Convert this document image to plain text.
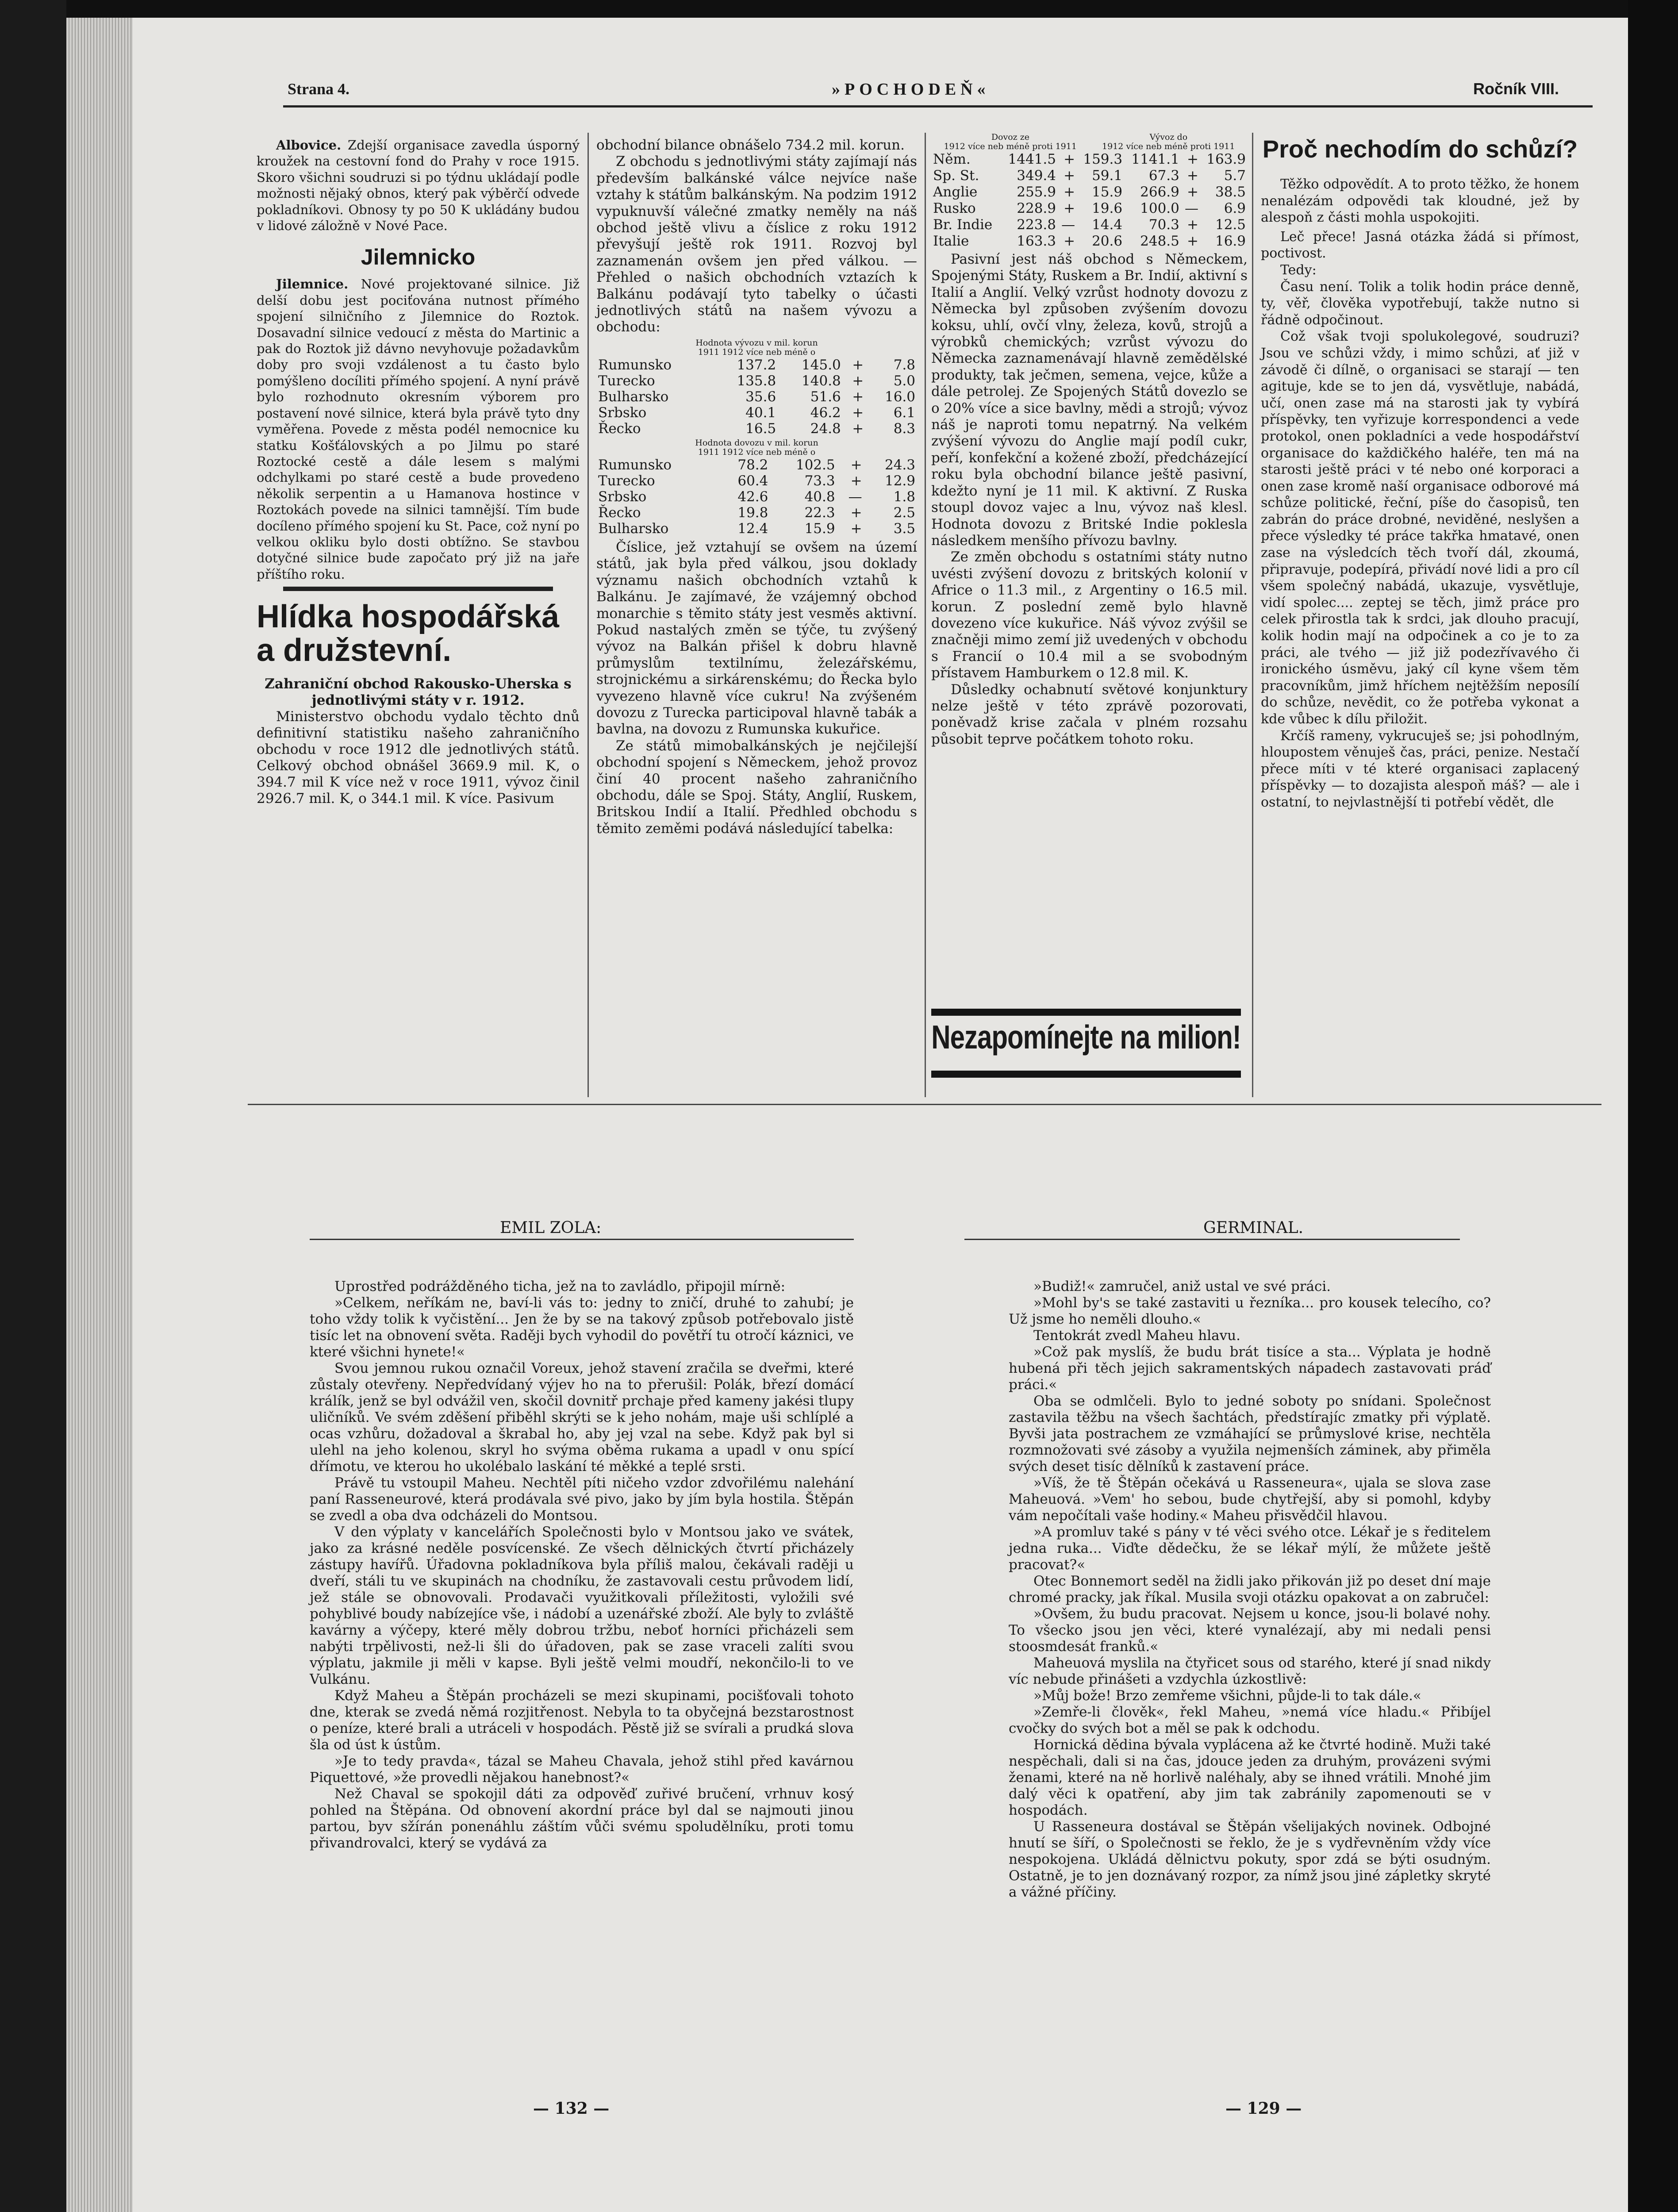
Strana 4.	»POCHODEŇ«	Ročník VIII.

Albovice. Zdejší organisace zavedla úsporný kroužek na cestovní fond do Prahy v roce 1915. Skoro všichni soudruzi si po týdnu ukládají podle možnosti nějaký obnos, který pak výběrčí odvede pokladníkovi. Obnosy ty po 50 K ukládány budou v lidové záložně v Nové Pace.

Jilemnicko

Jilemnice. Nové projektované silnice. Již delší dobu jest pociťována nutnost přímého spojení silničního z Jilemnice do Roztok. Dosavadní silnice vedoucí z města do Martinic a pak do Roztok již dávno nevyhovuje požadavkům doby pro svoji vzdálenost a tu často bylo pomýšleno docíliti přímého spojení. A nyní právě bylo rozhodnuto okresním výborem pro postavení nové silnice, která byla právě tyto dny vyměřena. Povede z města podél nemocnice ku statku Košťálovských a po Jilmu po staré Roztocké cestě a dále lesem s malými odchylkami po staré cestě a bude provedeno několik serpentin a u Hamanova hostince v Roztokách povede na silnici tamnější. Tím bude docíleno přímého spojení ku St. Pace, což nyní po velkou okliku bylo dosti obtížno. Se stavbou dotyčné silnice bude započato prý již na jaře příštího roku.

Hlídka hospodářská a družstevní.
Zahraniční obchod Rakousko-Uherska s jednotlivými státy v r. 1912.

Ministerstvo obchodu vydalo těchto dnů definitivní statistiku našeho zahraničního obchodu v roce 1912 dle jednotlivých států. Celkový obchod obnášel 3669.9 mil. K, o 394.7 mil K více než v roce 1911, vývoz činil 2926.7 mil. K, o 344.1 mil. K více. Pasivum

obchodní bilance obnášelo 734.2 mil. korun.

Z obchodu s jednotlivými státy zajímají nás především balkánské válce nejvíce naše vztahy k státům balkánským. Na podzim 1912 vypuknuvší válečné zmatky neměly na náš obchod ještě vlivu a číslice z roku 1912 převyšují ještě rok 1911. Rozvoj byl zaznamenán ovšem jen před válkou. — Přehled o našich obchodních vztazích k Balkánu podávají tyto tabelky o účasti jednotlivých států na našem vývozu a obchodu:

Hodnota vývozu v mil. korun
1911 1912 více neb méně o
Rumunsko	137.2	145.0	+	7.8
Turecko	135.8	140.8	+	5.0
Bulharsko	35.6	51.6	+	16.0
Srbsko	40.1	46.2	+	6.1
Řecko	16.5	24.8	+	8.3
Hodnota dovozu v mil. korun
1911 1912 více neb méně o
Rumunsko	78.2	102.5	+	24.3
Turecko	60.4	73.3	+	12.9
Srbsko	42.6	40.8	—	1.8
Řecko	19.8	22.3	+	2.5
Bulharsko	12.4	15.9	+	3.5

Číslice, jež vztahují se ovšem na území států, jak byla před válkou, jsou doklady významu našich obchodních vztahů k Balkánu. Je zajímavé, že vzájemný obchod monarchie s těmito státy jest vesměs aktivní. Pokud nastalých změn se týče, tu zvýšený vývoz na Balkán přišel k dobru hlavně průmyslům textilnímu, železářskému, strojnickému a sirkárenskému; do Řecka bylo vyvezeno hlavně více cukru! Na zvýšeném dovozu z Turecka participoval hlavně tabák a bavlna, na dovozu z Rumunska kukuřice.

Ze států mimobalkánských je nejčilejší obchodní spojení s Německem, jehož provoz činí 40 procent našeho zahraničního obchodu, dále se Spoj. Státy, Anglií, Ruskem, Britskou Indií a Italií. Předhled obchodu s těmito zeměmi podává následující tabelka:

Dovoz ze	Vývoz do
1912 více neb méně proti 1911	1912 více neb méně proti 1911
Něm.	1441.5	+	159.3	1141.1	+	163.9
Sp. St.	349.4	+	59.1	67.3	+	5.7
Anglie	255.9	+	15.9	266.9	+	38.5
Rusko	228.9	+	19.6	100.0	—	6.9
Br. Indie	223.8	—	14.4	70.3	+	12.5
Italie	163.3	+	20.6	248.5	+	16.9

Pasivní jest náš obchod s Německem, Spojenými Státy, Ruskem a Br. Indií, aktivní s Italií a Anglií. Velký vzrůst hodnoty dovozu z Německa byl způsoben zvýšením dovozu koksu, uhlí, ovčí vlny, železa, kovů, strojů a výrobků chemických; vzrůst vývozu do Německa zaznamenávají hlavně zemědělské produkty, tak ječmen, semena, vejce, kůže a dále petrolej. Ze Spojených Států dovezlo se o 20% více a sice bavlny, mědi a strojů; vývoz náš je naproti tomu nepatrný. Na velkém zvýšení vývozu do Anglie mají podíl cukr, peří, konfekční a kožené zboží, předcházející roku byla obchodní bilance ještě pasivní, kdežto nyní je 11 mil. K aktivní. Z Ruska stoupl dovoz vajec a lnu, vývoz naš klesl. Hodnota dovozu z Britské Indie poklesla následkem menšího přívozu bavlny.

Ze změn obchodu s ostatními státy nutno uvésti zvýšení dovozu z britských kolonií v Africe o 11.3 mil., z Argentiny o 16.5 mil. korun. Z poslední země bylo hlavně dovezeno více kukuřice. Náš vývoz zvýšil se značněji mimo zemí již uvedených v obchodu s Francií o 10.4 mil a se svobodným přístavem Hamburkem o 12.8 mil. K.

Důsledky ochabnutí světové konjunktury nelze ještě v této zprávě pozorovati, poněvadž krise začala v plném rozsahu působit teprve počátkem tohoto roku.

Nezapomínejte na milion!
Proč nechodím do schůzí?

Těžko odpovědít. A to proto těžko, že honem nenalézám odpovědi tak kloudné, jež by alespoň z části mohla uspokojiti.

Leč přece! Jasná otázka žádá si přímost, poctivost.

Tedy:

Času není. Tolik a tolik hodin práce denně, ty, věř, člověka vypotřebují, takže nutno si řádně odpočinout.

Což však tvoji spolukolegové, soudruzi? Jsou ve schůzi vždy, i mimo schůzi, ať již v závodě či dílně, o organisaci se starají — ten agituje, kde se to jen dá, vysvětluje, nabádá, učí, onen zase má na starosti jak ty vybírá příspěvky, ten vyřizuje korrespondenci a vede protokol, onen pokladníci a vede hospodářství organisace do každičkého haléře, ten má na starosti ještě práci v té nebo oné korporaci a onen zase kromě naší organisace odborové má schůze politické, řeční, píše do časopisů, ten zabrán do práce drobné, neviděné, neslyšen a přece výsledky té práce takřka hmatavé, onen zase na výsledcích těch tvoří dál, zkoumá, připravuje, podepírá, přivádí nové lidi a pro cíl všem společný nabádá, ukazuje, vysvětluje, vidí spolec.... zeptej se těch, jimž práce pro celek přirostla tak k srdci, jak dlouho pracují, kolik hodin mají na odpočinek a co je to za práci, ale tvého — již již podezřívavého či ironického úsměvu, jaký cíl kyne všem těm pracovníkům, jimž hříchem nejtěžším neposílí do schůze, nevědit, co že potřeba vykonat a kde vůbec k dílu přiložit.

Krčíš rameny, vykrucuješ se; jsi pohodlným, hloupostem věnuješ čas, práci, penize. Nestačí přece míti v té které organisaci zaplacený příspěvky — to dozajista alespoň máš? — ale i ostatní, to nejvlastnější ti potřebí vědět, dle

EMIL ZOLA:	GERMINAL.

Uprostřed podrážděného ticha, jež na to zavládlo, připojil mírně:

»Celkem, neříkám ne, baví-li vás to: jedny to zničí, druhé to zahubí; je toho vždy tolik k vyčistění... Jen že by se na takový způsob potřebovalo jistě tisíc let na obnovení světa. Raději bych vyhodil do povětří tu otročí káznici, ve které všichni hynete!«

Svou jemnou rukou označil Voreux, jehož stavení zračila se dveřmi, které zůstaly otevřeny. Nepředvídaný výjev ho na to přerušil: Polák, březí domácí králík, jenž se byl odvážil ven, skočil dovnitř prchaje před kameny jakési tlupy uličníků. Ve svém zděšení přiběhl skrýti se k jeho nohám, maje uši schlíplé a ocas vzhůru, dožadoval a škrabal ho, aby jej vzal na sebe. Když pak byl si ulehl na jeho kolenou, skryl ho svýma oběma rukama a upadl v onu spící dřímotu, ve kterou ho ukolébalo laskání té měkké a teplé srsti.

Právě tu vstoupil Maheu. Nechtěl píti ničeho vzdor zdvořilému nalehání paní Rasseneurové, která prodávala své pivo, jako by jím byla hostila. Štěpán se zvedl a oba dva odcházeli do Montsou.

V den výplaty v kancelářích Společnosti bylo v Montsou jako ve svátek, jako za krásné neděle posvícenské. Ze všech dělnických čtvrtí přicházely zástupy havířů. Úřadovna pokladníkova byla příliš malou, čekávali raději u dveří, stáli tu ve skupinách na chodníku, že zastavovali cestu průvodem lidí, jež stále se obnovovali. Prodavači využitkovali příležitosti, vyložili své pohyblivé boudy nabízejíce vše, i nádobí a uzenářské zboží. Ale byly to zvláště kavárny a výčepy, které měly dobrou tržbu, neboť horníci přicházeli sem nabýti trpělivosti, než-li šli do úřadoven, pak se zase vraceli zalíti svou výplatu, jakmile ji měli v kapse. Byli ještě velmi moudří, nekončilo-li to ve Vulkánu.

Když Maheu a Štěpán procházeli se mezi skupinami, pocišťovali tohoto dne, kterak se zvedá němá rozjitřenost. Nebyla to ta obyčejná bezstarostnost o peníze, které brali a utráceli v hospodách. Pěstě již se svírali a prudká slova šla od úst k ústům.

»Je to tedy pravda«, tázal se Maheu Chavala, jehož stihl před kavárnou Piquettové, »že provedli nějakou hanebnost?«

Než Chaval se spokojil dáti za odpověď zuřivé bručení, vrhnuv kosý pohled na Štěpána. Od obnovení akordní práce byl dal se najmouti jinou partou, byv sžírán ponenáhlu záštím vůči svému spoludělníku, proti tomu přivandrovalci, který se vydává za

»Budiž!« zamručel, aniž ustal ve své práci.

»Mohl by's se také zastaviti u řezníka... pro kousek telecího, co? Už jsme ho neměli dlouho.«

Tentokrát zvedl Maheu hlavu.

»Což pak myslíš, že budu brát tisíce a sta... Výplata je hodně hubená při těch jejich sakramentských nápadech zastavovati práď práci.«

Oba se odmlčeli. Bylo to jedné soboty po snídani. Společnost zastavila těžbu na všech šachtách, předstírajíc zmatky při výplatě. Byvši jata postrachem ze vzmáhající se průmyslové krise, nechtěla rozmnožovati své zásoby a využila nejmenších záminek, aby přiměla svých deset tisíc dělníků k zastavení práce.

»Víš, že tě Štěpán očekává u Rasseneura«, ujala se slova zase Maheuová. »Vem' ho sebou, bude chytřejší, aby si pomohl, kdyby vám nepočítali vaše hodiny.« Maheu přisvědčil hlavou.

»A promluv také s pány v té věci svého otce. Lékař je s ředitelem jedna ruka... Viďte dědečku, že se lékař mýlí, že můžete ještě pracovat?«

Otec Bonnemort seděl na židli jako přikován již po deset dní maje chromé pracky, jak říkal. Musila svoji otázku opakovat a on zabručel:

»Ovšem, žu budu pracovat. Nejsem u konce, jsou-li bolavé nohy. To všecko jsou jen věci, které vynalézají, aby mi nedali pensi stoosmdesát franků.«

Maheuová myslila na čtyřicet sous od starého, které jí snad nikdy víc nebude přinášeti a vzdychla úzkostlivě:

»Můj bože! Brzo zemřeme všichni, půjde-li to tak dále.«

»Zemře-li člověk«, řekl Maheu, »nemá více hladu.« Přibíjel cvočky do svých bot a měl se pak k odchodu.

Hornická dědina bývala vyplácena až ke čtvrté hodině. Muži také nespěchali, dali si na čas, jdouce jeden za druhým, provázeni svými ženami, které na ně horlivě naléhaly, aby se ihned vrátili. Mnohé jim dalý věci k opatření, aby jim tak zabránily zapomenouti se v hospodách.

U Rasseneura dostával se Štěpán všelijakých novinek. Odbojné hnutí se šíří, o Společnosti se řeklo, že je s vydřevněním vždy více nespokojena. Ukládá dělnictvu pokuty, spor zdá se býti osudným. Ostatně, je to jen doznávaný rozpor, za nímž jsou jiné zápletky skryté a vážné příčiny.

— 132 —	— 129 —
